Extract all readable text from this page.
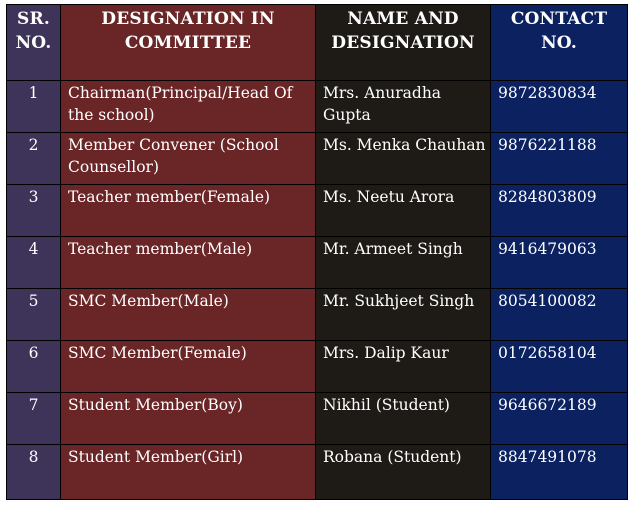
SR. NO.	DESIGNATION IN COMMITTEE	NAME AND DESIGNATION	CONTACT NO.

1	Chairman(Principal/Head Of the school)	Mrs. Anuradha Gupta	9872830834
2	Member Convener (School Counsellor)	Ms. Menka Chauhan	9876221188
3	Teacher member(Female)	Ms. Neetu Arora	8284803809
4	Teacher member(Male)	Mr. Armeet Singh	9416479063
5	SMC Member(Male)	Mr. Sukhjeet Singh	8054100082
6	SMC Member(Female)	Mrs. Dalip Kaur	0172658104
7	Student Member(Boy)	Nikhil (Student)	9646672189
8	Student Member(Girl)	Robana (Student)	8847491078
